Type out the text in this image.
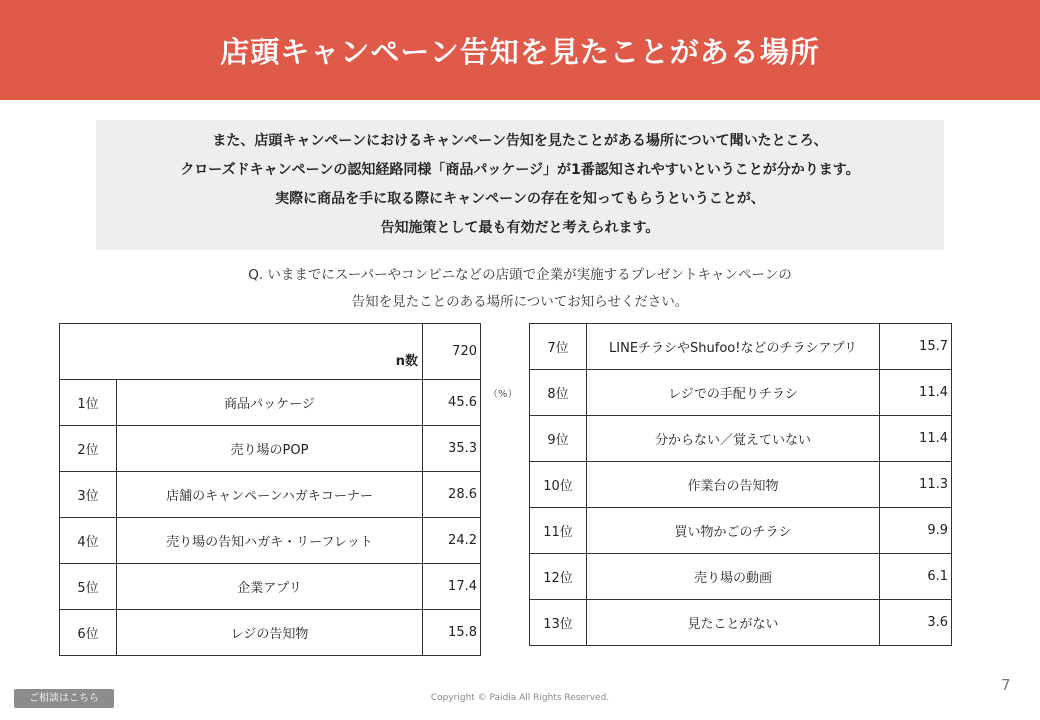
店頭キャンペーン告知を見たことがある場所

また、店頭キャンペーンにおけるキャンペーン告知を見たことがある場所について聞いたところ、

クローズドキャンペーンの認知経路同様「商品パッケージ」が1番認知されやすいということが分かります。

実際に商品を手に取る際にキャンペーンの存在を知ってもらうということが、

告知施策として最も有効だと考えられます。

Q. いままでにスーパーやコンビニなどの店頭で企業が実施するプレゼントキャンペーンの

告知を見たことのある場所についてお知らせください。

n数		720
1位	商品パッケージ	45.6
2位	売り場のPOP	35.3
3位	店舗のキャンペーンハガキコーナー	28.6
4位	売り場の告知ハガキ・リーフレット	24.2
5位	企業アプリ	17.4
6位	レジの告知物	15.8
（%）
7位	LINEチラシやShufoo!などのチラシアプリ	15.7
8位	レジでの手配りチラシ	11.4
9位	分からない／覚えていない	11.4
10位	作業台の告知物	11.3
11位	買い物かごのチラシ	9.9
12位	売り場の動画	6.1
13位	見たことがない	3.6
7
Copyright © Paidia All Rights Reserved.
ご相談はこちら
